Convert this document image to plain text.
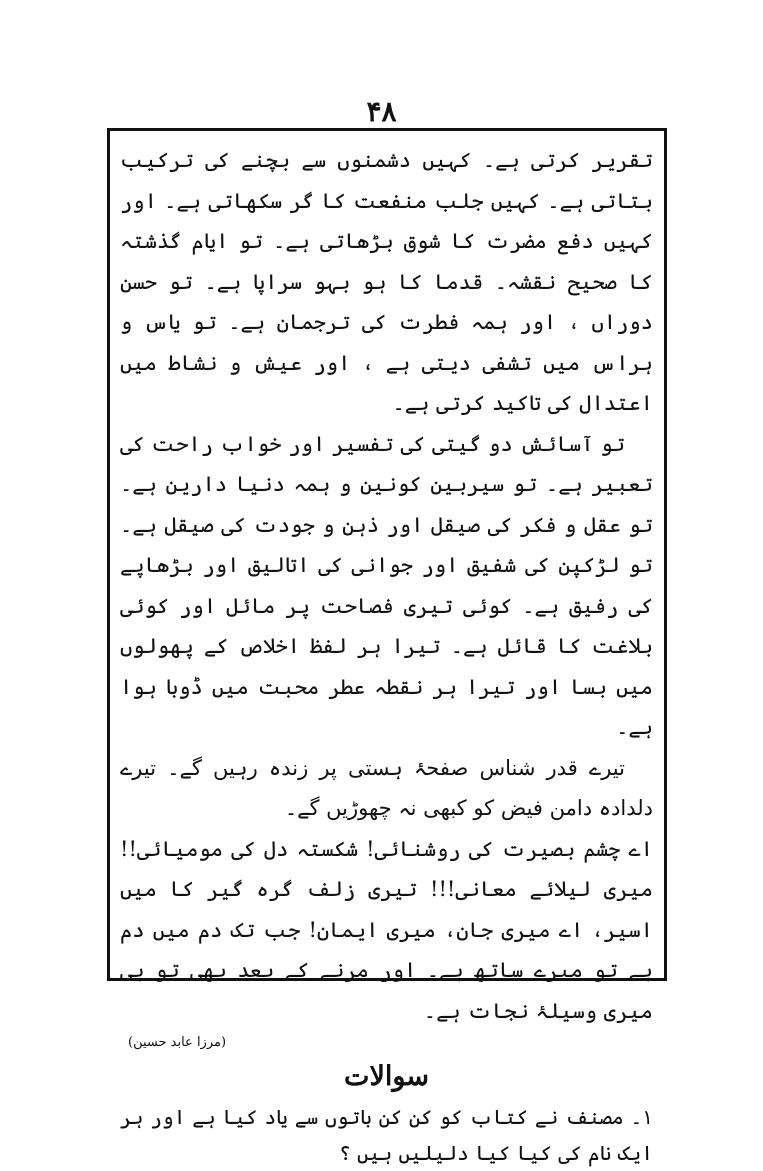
۴۸

تقریر کرتی ہے۔ کہیں دشمنوں سے بچنے کی ترکیب بتاتی ہے۔ کہیں جلب منفعت کا گر سکھاتی ہے۔ اور کہیں دفع مضرت کا شوق بڑھاتی ہے۔ تو ایام گذشتہ کا صحیح نقشہ۔ قدما کا ہو بہو سراپا ہے۔ تو حسن دوراں ، اور ہمہ فطرت کی ترجمان ہے۔ تو یاس و ہراس میں تشفی دیتی ہے ، اور عیش و نشاط میں اعتدال کی تاکید کرتی ہے۔

تو آسائش دو گیتی کی تفسیر اور خواب راحت کی تعبیر ہے۔ تو سیربین کونین و ہمہ دنیا دارین ہے۔ تو عقل و فکر کی صیقل اور ذہن و جودت کی صیقل ہے۔ تو لڑکپن کی شفیق اور جوانی کی اتالیق اور بڑھاپے کی رفیق ہے۔ کوئی تیری فصاحت پر مائل اور کوئی بلاغت کا قائل ہے۔ تیرا ہر لفظ اخلاص کے پھولوں میں بسا اور تیرا ہر نقطہ عطر محبت میں ڈوبا ہوا ہے۔

تیرے قدر شناس صفحۂ ہستی پر زندہ رہیں گے۔ تیرے دلدادہ دامن فیض کو کبھی نہ چھوڑیں گے۔

اے چشم بصیرت کی روشنائی! شکستہ دل کی مومیائی!! میری لیلائے معانی!!! تیری زلف گرہ گیر کا میں اسیر، اے میری جان، میری ایمان! جب تک دم میں دم ہے تو میرے ساتھ ہے۔ اور مرنے کے بعد بھی تو ہی میری وسیلۂ نجات ہے۔

(مرزا عابد حسین)

سوالات

۱۔ مصنف نے کتاب کو کن کن باتوں سے یاد کیا ہے اور ہر ایک نام کی کیا کیا دلیلیں ہیں ؟
